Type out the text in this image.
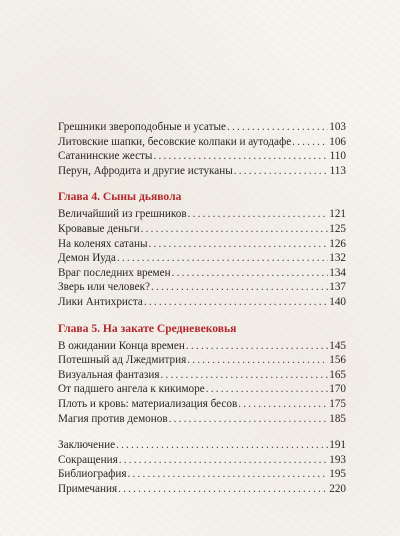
Грешники звероподобные и усатые .....	103
Литовские шапки, бесовские колпаки и аутодафе .....	106
Сатанинские жесты .....	110
Перун, Афродита и другие истуканы .....	113
Глава 4. Сыны дьявола
Величайший из грешников .....	121
Кровавые деньги .....	125
На коленях сатаны .....	126
Демон Иуда .....	132
Враг последних времен .....	134
Зверь или человек? .....	137
Лики Антихриста .....	140
Глава 5. На закате Средневековья
В ожидании Конца времен .....	145
Потешный ад Лжедмитрия .....	156
Визуальная фантазия .....	165
От падшего ангела к кикиморе .....	170
Плоть и кровь: материализация бесов .....	175
Магия против демонов .....	185
Заключение .....	191
Сокращения .....	193
Библиография .....	195
Примечания .....	220
